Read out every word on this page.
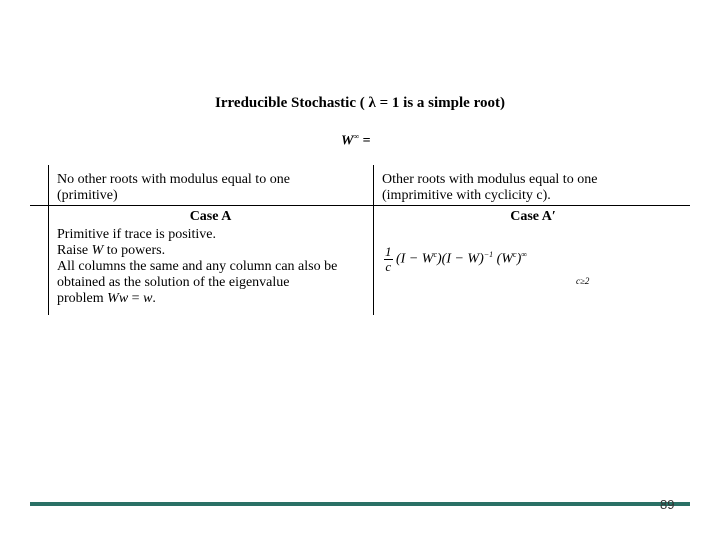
Irreducible Stochastic ( λ = 1 is a simple root)
W∞ =
No other roots with modulus equal to one
(primitive)
Other roots with modulus equal to one
(imprimitive with cyclicity c).
Case A	Case A′
Primitive if trace is positive.
Raise W to powers.
All columns the same and any column can also be
obtained as the solution of the eigenvalue
problem Ww = w.
$\frac{1}{c} (I - W^c)(I - W)^{-1}$ $(W^c)^\infty$
c≥2
89
